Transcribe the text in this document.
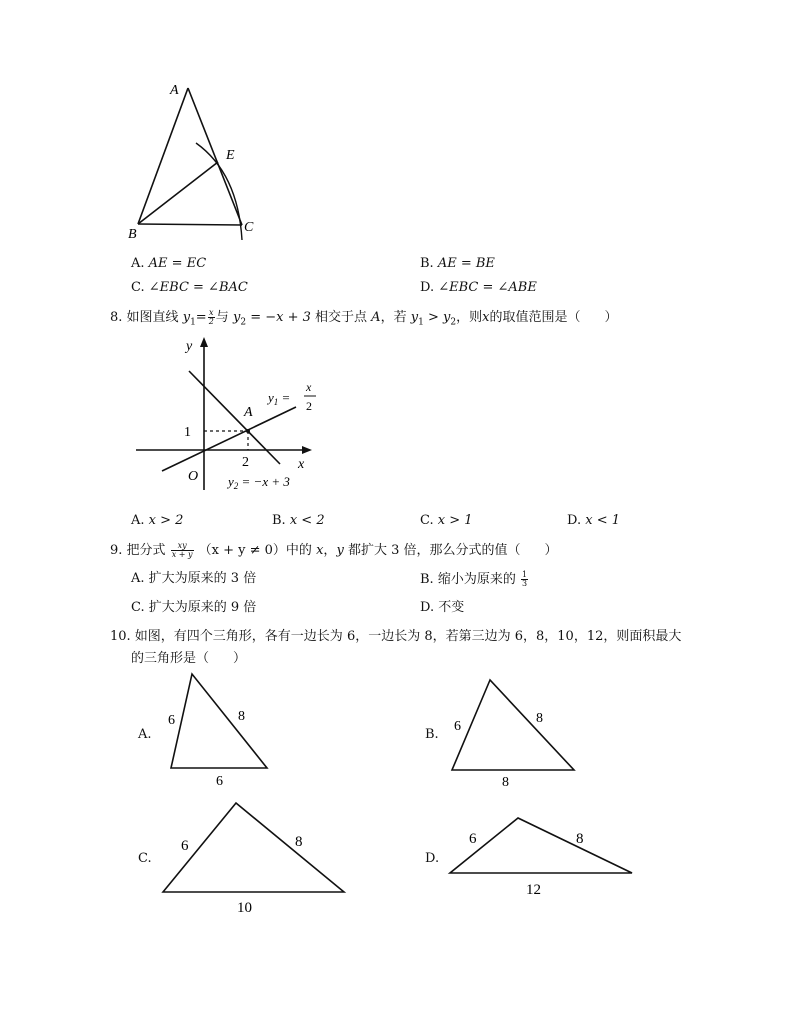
A
E
B	C
A. AE = EC	B. AE = BE
C. ∠EBC = ∠BAC	D. ∠EBC = ∠ABE
8. 如图直线 $y_1= \frac{x}{2}$ 与 $y_2 = -x + 3$ 相交于点 A，若 $y_1 > y_2$，则x的取值范围是（ ）
y
x
O
A
2
1
$y_1$ =
x
2
$y_2 = -x + 3$
A. x > 2	B. x < 2	C. x > 1	D. x < 1
9. 把分式 $\frac{xy}{x + y} (x + y \ne 0)$中的 x，y 都扩大 3 倍，那么分式的值（ ）
A. 扩大为原来的 3 倍	B. 缩小为原来的 $\frac{1}{3}$
C. 扩大为原来的 9 倍	D. 不变
10. 如图，有四个三角形，各有一边长为 6，一边长为 8，若第三边为 6，8，10，12，则面积最大
的三角形是（ ）
A.
6	8
6
B.
6
8
8
C.
6	8
10
D.
6	8
12
